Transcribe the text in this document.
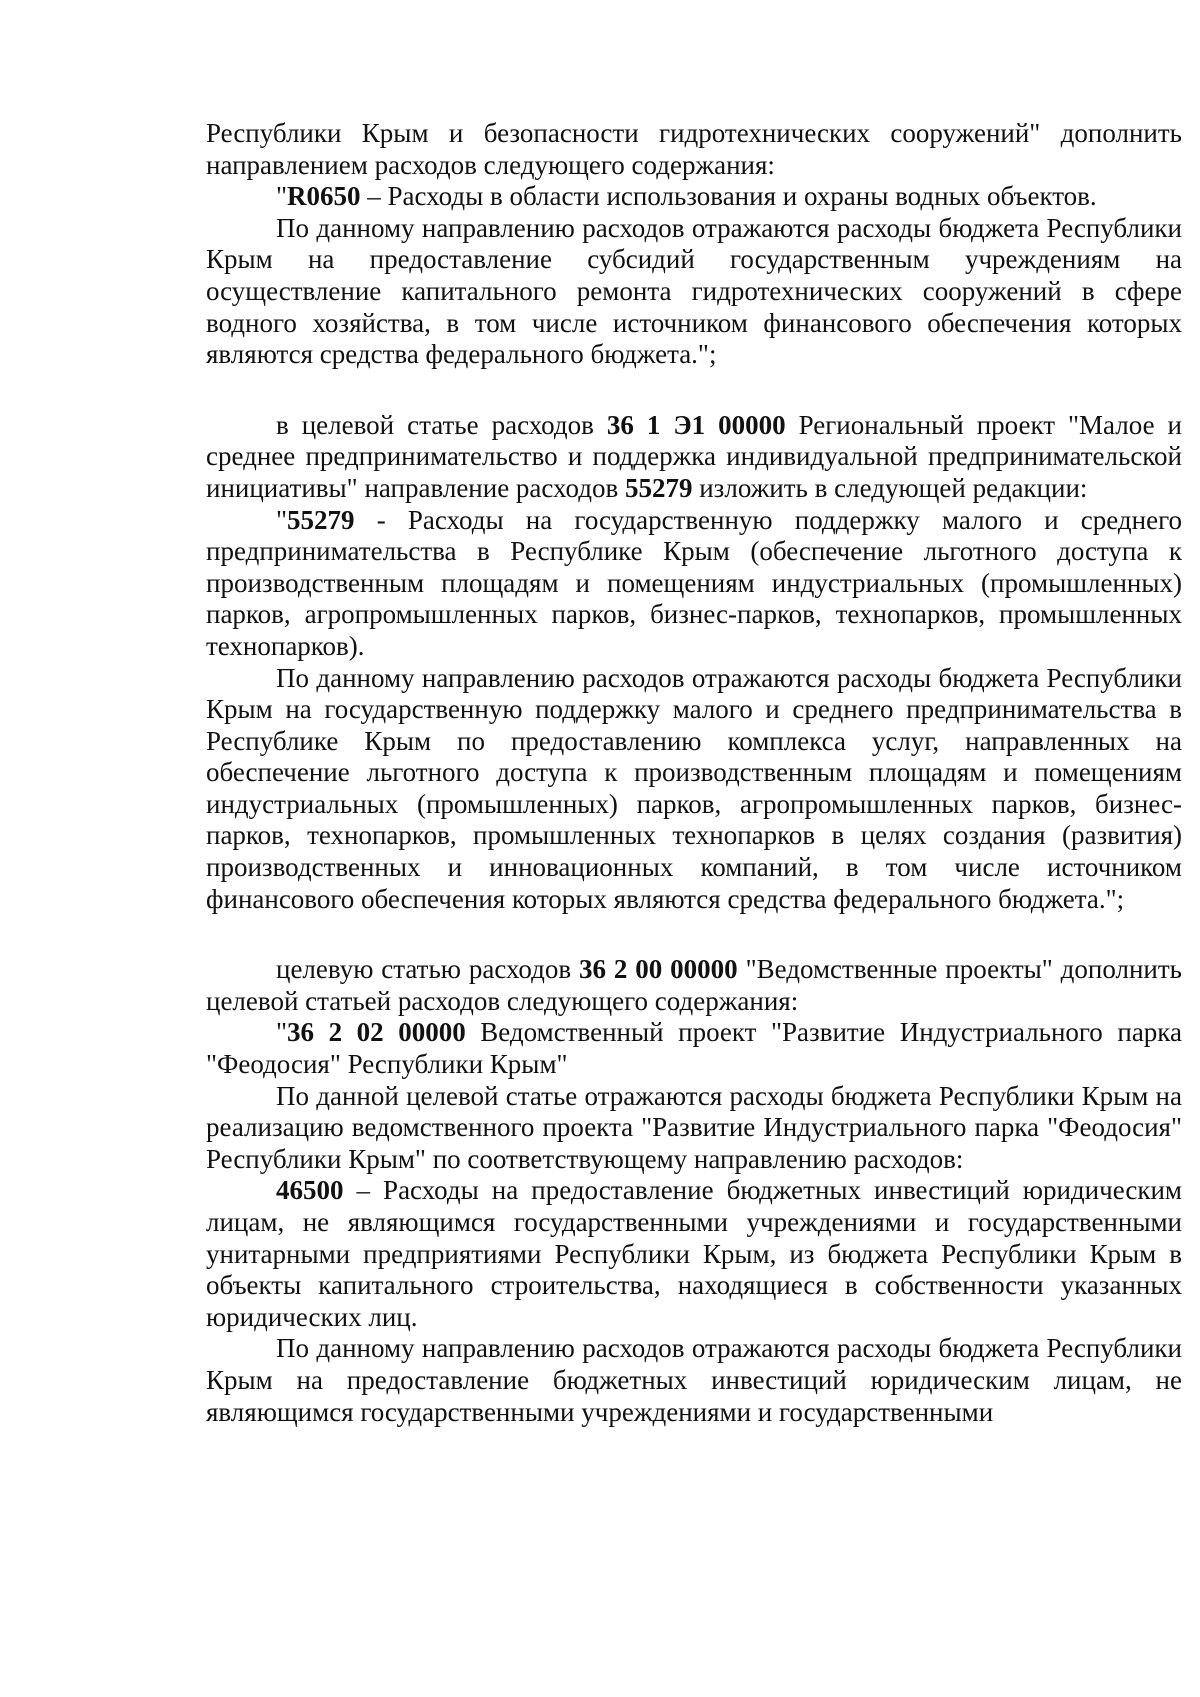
Республики Крым и безопасности гидротехнических сооружений" дополнить направлением расходов следующего содержания:

"R0650 – Расходы в области использования и охраны водных объектов.

По данному направлению расходов отражаются расходы бюджета Республики Крым на предоставление субсидий государственным учреждениям на осуществление капитального ремонта гидротехнических сооружений в сфере водного хозяйства, в том числе источником финансового обеспечения которых являются средства федерального бюджета.";

в целевой статье расходов 36 1 Э1 00000 Региональный проект "Малое и среднее предпринимательство и поддержка индивидуальной предпринимательской инициативы" направление расходов 55279 изложить в следующей редакции:

"55279 - Расходы на государственную поддержку малого и среднего предпринимательства в Республике Крым (обеспечение льготного доступа к производственным площадям и помещениям индустриальных (промышленных) парков, агропромышленных парков, бизнес-парков, технопарков, промышленных технопарков).

По данному направлению расходов отражаются расходы бюджета Республики Крым на государственную поддержку малого и среднего предпринимательства в Республике Крым по предоставлению комплекса услуг, направленных на обеспечение льготного доступа к производственным площадям и помещениям индустриальных (промышленных) парков, агропромышленных парков, бизнес-парков, технопарков, промышленных технопарков в целях создания (развития) производственных и инновационных компаний, в том числе источником финансового обеспечения которых являются средства федерального бюджета.";

целевую статью расходов 36 2 00 00000 "Ведомственные проекты" дополнить целевой статьей расходов следующего содержания:

"36 2 02 00000 Ведомственный проект "Развитие Индустриального парка "Феодосия" Республики Крым"

По данной целевой статье отражаются расходы бюджета Республики Крым на реализацию ведомственного проекта "Развитие Индустриального парка "Феодосия" Республики Крым" по соответствующему направлению расходов:

46500 – Расходы на предоставление бюджетных инвестиций юридическим лицам, не являющимся государственными учреждениями и государственными унитарными предприятиями Республики Крым, из бюджета Республики Крым в объекты капитального строительства, находящиеся в собственности указанных юридических лиц.

По данному направлению расходов отражаются расходы бюджета Республики Крым на предоставление бюджетных инвестиций юридическим лицам, не являющимся государственными учреждениями и государственными
